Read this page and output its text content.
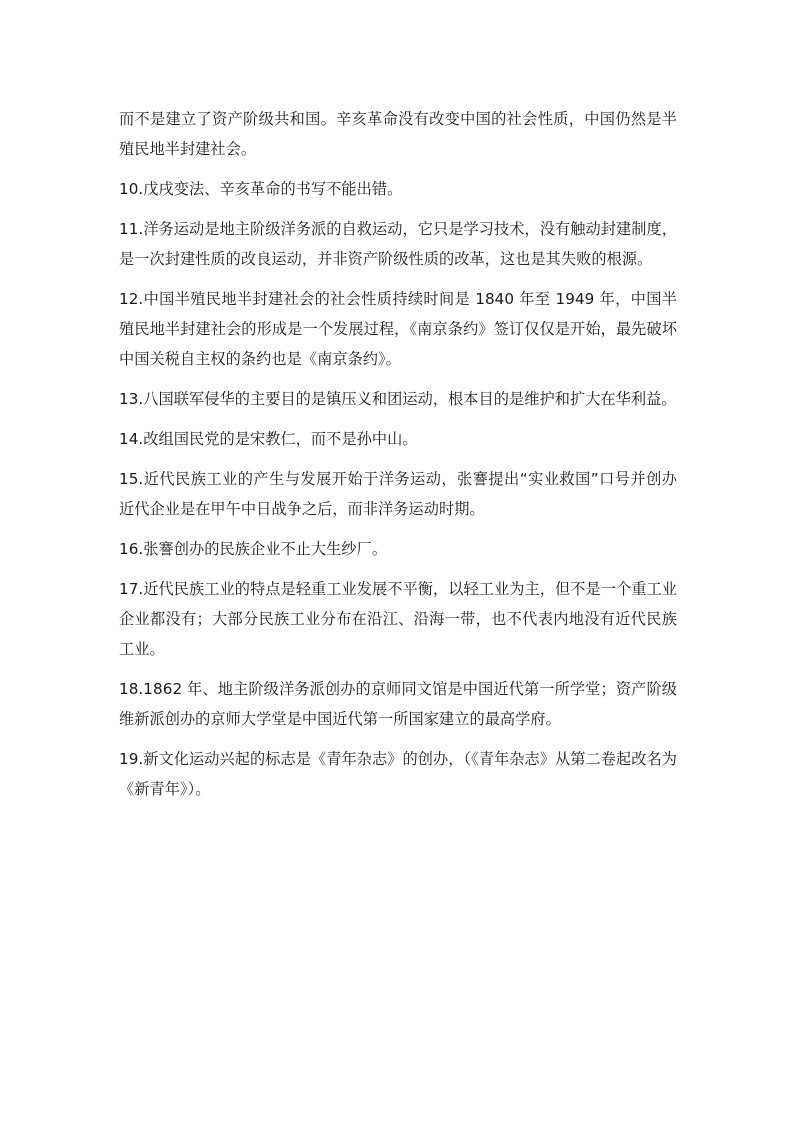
而不是建立了资产阶级共和国。辛亥革命没有改变中国的社会性质，中国仍然是半殖民地半封建社会。

10.戊戌变法、辛亥革命的书写不能出错。

11.洋务运动是地主阶级洋务派的自救运动，它只是学习技术，没有触动封建制度，是一次封建性质的改良运动，并非资产阶级性质的改革，这也是其失败的根源。

12.中国半殖民地半封建社会的社会性质持续时间是 1840 年至 1949 年，中国半殖民地半封建社会的形成是一个发展过程，《南京条约》签订仅仅是开始，最先破坏中国关税自主权的条约也是《南京条约》。

13.八国联军侵华的主要目的是镇压义和团运动，根本目的是维护和扩大在华利益。

14.改组国民党的是宋教仁，而不是孙中山。

15.近代民族工业的产生与发展开始于洋务运动，张謇提出“实业救国”口号并创办近代企业是在甲午中日战争之后，而非洋务运动时期。

16.张謇创办的民族企业不止大生纱厂。

17.近代民族工业的特点是轻重工业发展不平衡，以轻工业为主，但不是一个重工业企业都没有；大部分民族工业分布在沿江、沿海一带，也不代表内地没有近代民族工业。

18.1862 年、地主阶级洋务派创办的京师同文馆是中国近代第一所学堂；资产阶级维新派创办的京师大学堂是中国近代第一所国家建立的最高学府。

19.新文化运动兴起的标志是《青年杂志》的创办，（《青年杂志》从第二卷起改名为《新青年》）。
